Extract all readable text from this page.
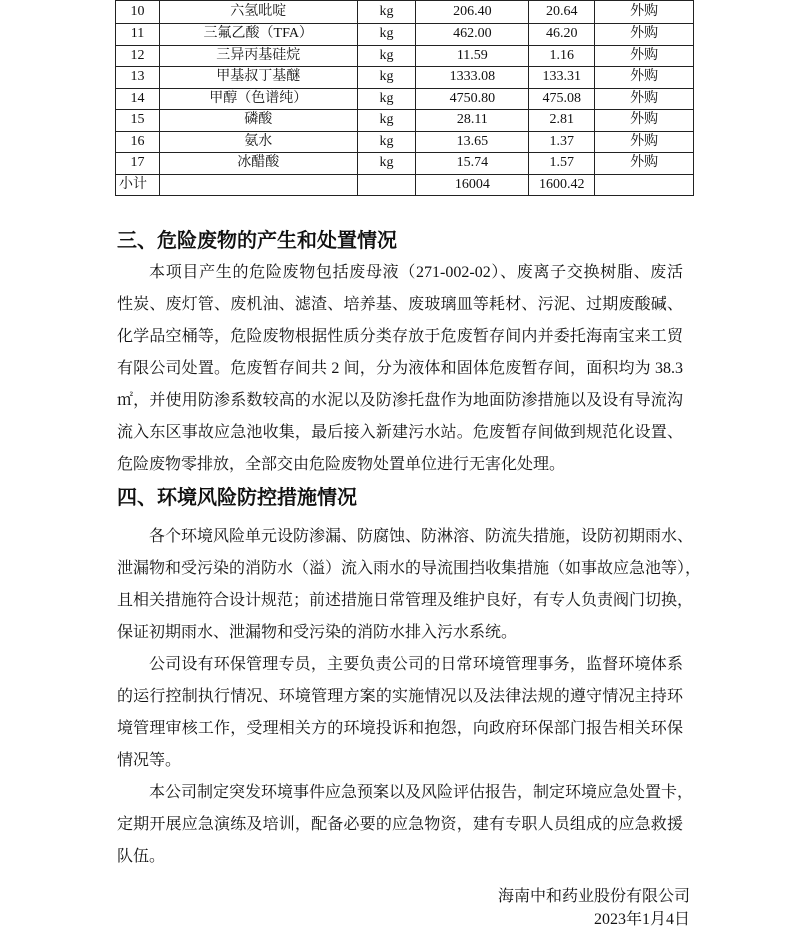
10	六氢吡啶	kg	206.40	20.64	外购
11	三氟乙酸（TFA）	kg	462.00	46.20	外购
12	三异丙基硅烷	kg	11.59	1.16	外购
13	甲基叔丁基醚	kg	1333.08	133.31	外购
14	甲醇（色谱纯）	kg	4750.80	475.08	外购
15	磷酸	kg	28.11	2.81	外购
16	氨水	kg	13.65	1.37	外购
17	冰醋酸	kg	15.74	1.57	外购
小计			16004	1600.42	
三、危险废物的产生和处置情况
本项目产生的危险废物包括废母液（271-002-02）、废离子交换树脂、废活
性炭、废灯管、废机油、滤渣、培养基、废玻璃皿等耗材、污泥、过期废酸碱、
化学品空桶等，危险废物根据性质分类存放于危废暂存间内并委托海南宝来工贸
有限公司处置。危废暂存间共 2 间，分为液体和固体危废暂存间，面积均为 38.3
㎡，并使用防渗系数较高的水泥以及防渗托盘作为地面防渗措施以及设有导流沟
流入东区事故应急池收集，最后接入新建污水站。危废暂存间做到规范化设置、
危险废物零排放，全部交由危险废物处置单位进行无害化处理。
四、环境风险防控措施情况
各个环境风险单元设防渗漏、防腐蚀、防淋溶、防流失措施，设防初期雨水、
泄漏物和受污染的消防水（溢）流入雨水的导流围挡收集措施（如事故应急池等），
且相关措施符合设计规范；前述措施日常管理及维护良好，有专人负责阀门切换，
保证初期雨水、泄漏物和受污染的消防水排入污水系统。
公司设有环保管理专员，主要负责公司的日常环境管理事务，监督环境体系
的运行控制执行情况、环境管理方案的实施情况以及法律法规的遵守情况主持环
境管理审核工作，受理相关方的环境投诉和抱怨，向政府环保部门报告相关环保
情况等。
本公司制定突发环境事件应急预案以及风险评估报告，制定环境应急处置卡，
定期开展应急演练及培训，配备必要的应急物资，建有专职人员组成的应急救援
队伍。
海南中和药业股份有限公司
2023年1月4日
